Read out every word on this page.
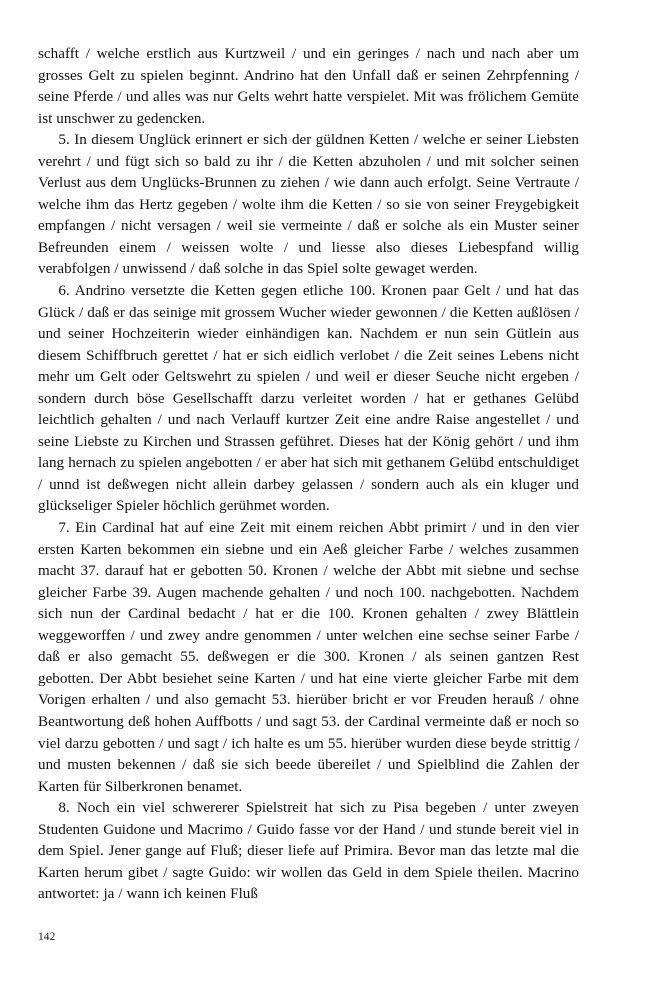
schafft / welche erstlich aus Kurtzweil / und ein geringes / nach und nach aber um grosses Gelt zu spielen beginnt. Andrino hat den Unfall daß er seinen Zehrpfenning / seine Pferde / und alles was nur Gelts wehrt hatte verspielet. Mit was frölichem Gemüte ist unschwer zu gedencken.

5. In diesem Unglück erinnert er sich der güldnen Ketten / welche er seiner Liebsten verehrt / und fügt sich so bald zu ihr / die Ketten abzuholen / und mit solcher seinen Verlust aus dem Unglücks-Brunnen zu ziehen / wie dann auch erfolgt. Seine Vertraute / welche ihm das Hertz gegeben / wolte ihm die Ketten / so sie von seiner Freygebigkeit empfangen / nicht versagen / weil sie vermeinte / daß er solche als ein Muster seiner Befreunden einem / weissen wolte / und liesse also dieses Liebespfand willig verabfolgen / unwissend / daß solche in das Spiel solte gewaget werden.

6. Andrino versetzte die Ketten gegen etliche 100. Kronen paar Gelt / und hat das Glück / daß er das seinige mit grossem Wucher wieder gewonnen / die Ketten außlösen / und seiner Hochzeiterin wieder einhändigen kan. Nachdem er nun sein Gütlein aus diesem Schiffbruch gerettet / hat er sich eidlich verlobet / die Zeit seines Lebens nicht mehr um Gelt oder Geltswehrt zu spielen / und weil er dieser Seuche nicht ergeben / sondern durch böse Gesellschafft darzu verleitet worden / hat er gethanes Gelübd leichtlich gehalten / und nach Verlauff kurtzer Zeit eine andre Raise angestellet / und seine Liebste zu Kirchen und Strassen geführet. Dieses hat der König gehört / und ihm lang hernach zu spielen angebotten / er aber hat sich mit gethanem Gelübd entschuldiget / unnd ist deßwegen nicht allein darbey gelassen / sondern auch als ein kluger und glückseliger Spieler höchlich gerühmet worden.

7. Ein Cardinal hat auf eine Zeit mit einem reichen Abbt primirt / und in den vier ersten Karten bekommen ein siebne und ein Aeß gleicher Farbe / welches zusammen macht 37. darauf hat er gebotten 50. Kronen / welche der Abbt mit siebne und sechse gleicher Farbe 39. Augen machende gehalten / und noch 100. nachgebotten. Nachdem sich nun der Cardinal bedacht / hat er die 100. Kronen gehalten / zwey Blättlein weggeworffen / und zwey andre genommen / unter welchen eine sechse seiner Farbe / daß er also gemacht 55. deßwegen er die 300. Kronen / als seinen gantzen Rest gebotten. Der Abbt besiehet seine Karten / und hat eine vierte gleicher Farbe mit dem Vorigen erhalten / und also gemacht 53. hierüber bricht er vor Freuden herauß / ohne Beantwortung deß hohen Auffbotts / und sagt 53. der Cardinal vermeinte daß er noch so viel darzu gebotten / und sagt / ich halte es um 55. hierüber wurden diese beyde strittig / und musten bekennen / daß sie sich beede übereilet / und Spielblind die Zahlen der Karten für Silberkronen benamet.

8. Noch ein viel schwererer Spielstreit hat sich zu Pisa begeben / unter zweyen Studenten Guidone und Macrimo / Guido fasse vor der Hand / und stunde bereit viel in dem Spiel. Jener gange auf Fluß; dieser liefe auf Primira. Bevor man das letzte mal die Karten herum gibet / sagte Guido: wir wollen das Geld in dem Spiele theilen. Macrino antwortet: ja / wann ich keinen Fluß

142
